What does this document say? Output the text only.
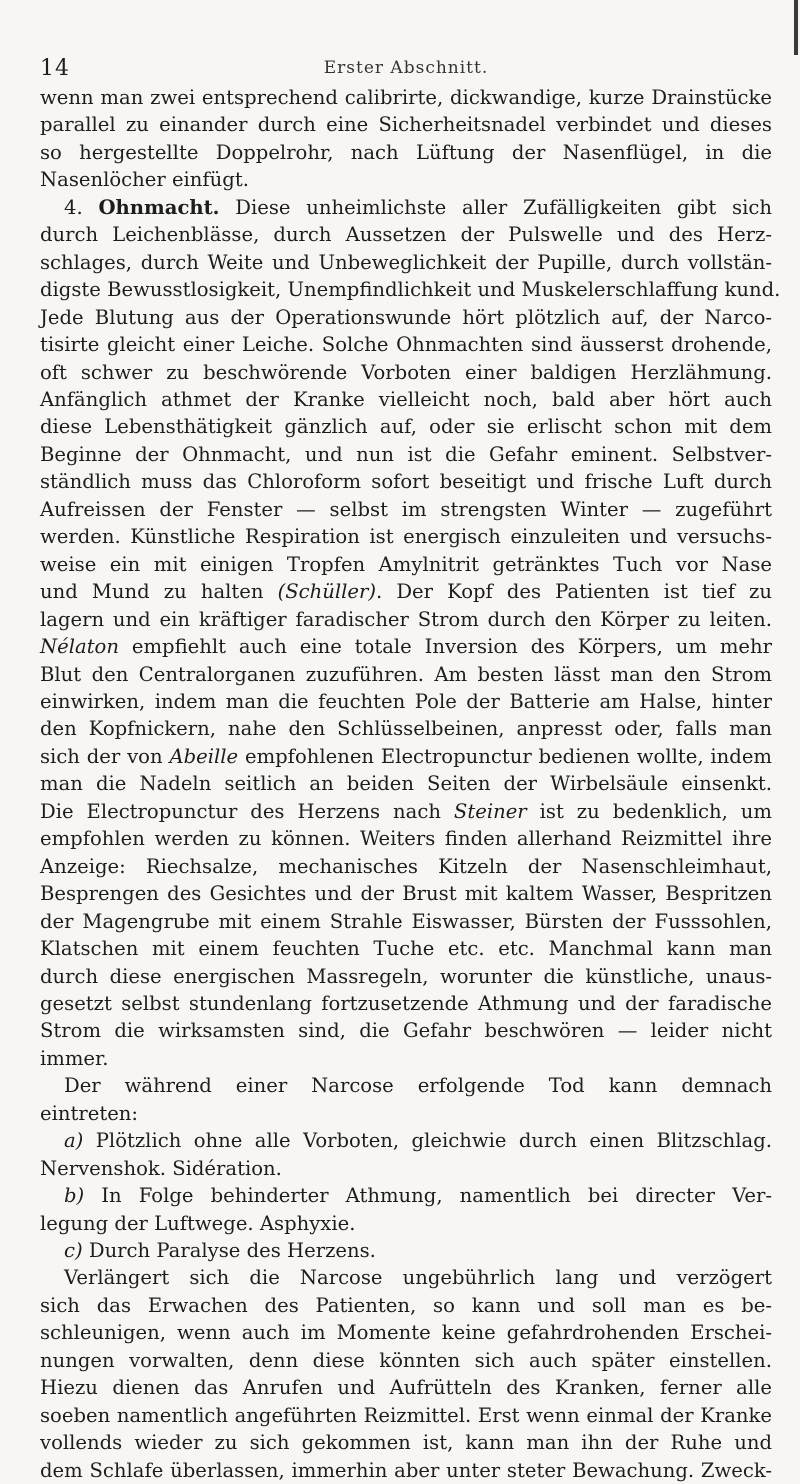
14	Erster Abschnitt.
wenn man zwei entsprechend calibrirte, dickwandige, kurze Drainstücke
parallel zu einander durch eine Sicherheitsnadel verbindet und dieses
so hergestellte Doppelrohr, nach Lüftung der Nasenflügel, in die
Nasenlöcher einfügt.
4. Ohnmacht. Diese unheimlichste aller Zufälligkeiten gibt sich
durch Leichenblässe, durch Aussetzen der Pulswelle und des Herz-
schlages, durch Weite und Unbeweglichkeit der Pupille, durch vollstän-
digste Bewusstlosigkeit, Unempfindlichkeit und Muskelerschlaffung kund.
Jede Blutung aus der Operationswunde hört plötzlich auf, der Narco-
tisirte gleicht einer Leiche. Solche Ohnmachten sind äusserst drohende,
oft schwer zu beschwörende Vorboten einer baldigen Herzlähmung.
Anfänglich athmet der Kranke vielleicht noch, bald aber hört auch
diese Lebensthätigkeit gänzlich auf, oder sie erlischt schon mit dem
Beginne der Ohnmacht, und nun ist die Gefahr eminent. Selbstver-
ständlich muss das Chloroform sofort beseitigt und frische Luft durch
Aufreissen der Fenster — selbst im strengsten Winter — zugeführt
werden. Künstliche Respiration ist energisch einzuleiten und versuchs-
weise ein mit einigen Tropfen Amylnitrit getränktes Tuch vor Nase
und Mund zu halten (Schüller). Der Kopf des Patienten ist tief zu
lagern und ein kräftiger faradischer Strom durch den Körper zu leiten.
Nélaton empfiehlt auch eine totale Inversion des Körpers, um mehr
Blut den Centralorganen zuzuführen. Am besten lässt man den Strom
einwirken, indem man die feuchten Pole der Batterie am Halse, hinter
den Kopfnickern, nahe den Schlüsselbeinen, anpresst oder, falls man
sich der von Abeille empfohlenen Electropunctur bedienen wollte, indem
man die Nadeln seitlich an beiden Seiten der Wirbelsäule einsenkt.
Die Electropunctur des Herzens nach Steiner ist zu bedenklich, um
empfohlen werden zu können. Weiters finden allerhand Reizmittel ihre
Anzeige: Riechsalze, mechanisches Kitzeln der Nasenschleimhaut,
Besprengen des Gesichtes und der Brust mit kaltem Wasser, Bespritzen
der Magengrube mit einem Strahle Eiswasser, Bürsten der Fusssohlen,
Klatschen mit einem feuchten Tuche etc. etc. Manchmal kann man
durch diese energischen Massregeln, worunter die künstliche, unaus-
gesetzt selbst stundenlang fortzusetzende Athmung und der faradische
Strom die wirksamsten sind, die Gefahr beschwören — leider nicht
immer.
Der während einer Narcose erfolgende Tod kann demnach
eintreten:
a) Plötzlich ohne alle Vorboten, gleichwie durch einen Blitzschlag.
Nervenshok. Sidération.
b) In Folge behinderter Athmung, namentlich bei directer Ver-
legung der Luftwege. Asphyxie.
c) Durch Paralyse des Herzens.
Verlängert sich die Narcose ungebührlich lang und verzögert
sich das Erwachen des Patienten, so kann und soll man es be-
schleunigen, wenn auch im Momente keine gefahrdrohenden Erschei-
nungen vorwalten, denn diese könnten sich auch später einstellen.
Hiezu dienen das Anrufen und Aufrütteln des Kranken, ferner alle
soeben namentlich angeführten Reizmittel. Erst wenn einmal der Kranke
vollends wieder zu sich gekommen ist, kann man ihn der Ruhe und
dem Schlafe überlassen, immerhin aber unter steter Bewachung. Zweck-
